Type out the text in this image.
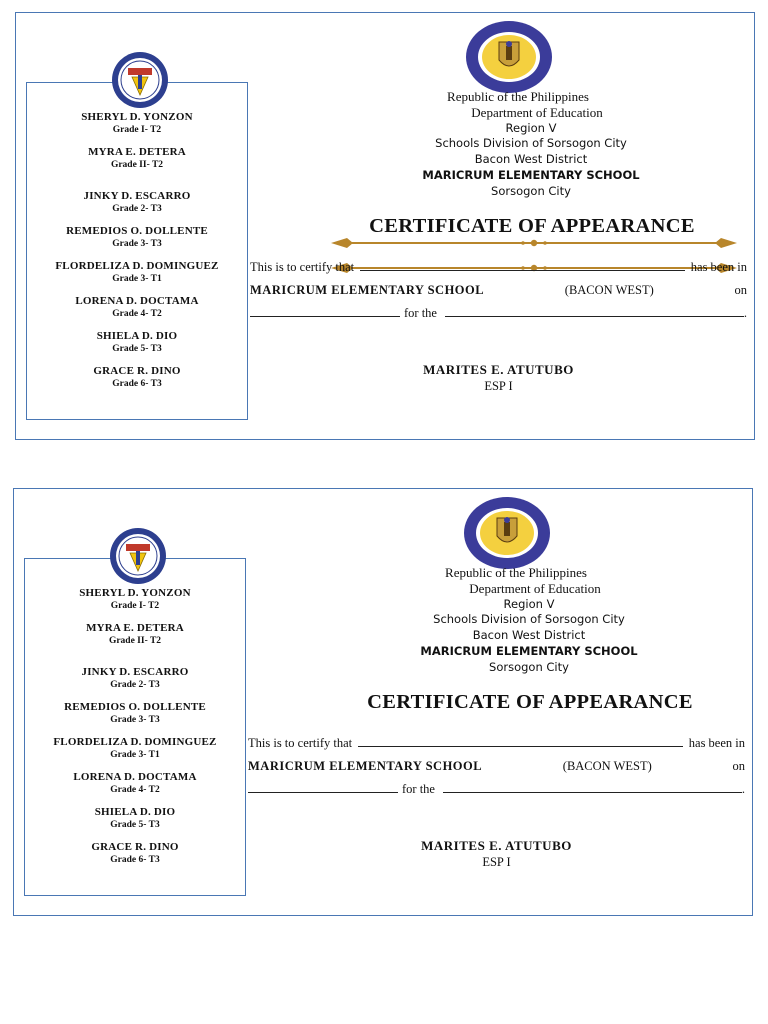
SHERYL D. YONZON
Grade I- T2
MYRA E. DETERA
Grade II- T2
JINKY D. ESCARRO
Grade 2- T3
REMEDIOS O. DOLLENTE
Grade 3- T3
FLORDELIZA D. DOMINGUEZ
Grade 3- T1
LORENA D. DOCTAMA
Grade 4- T2
SHIELA D. DIO
Grade 5- T3
GRACE R. DINO
Grade 6- T3
Republic of the Philippines
Department of Education
Region V
Schools Division of Sorsogon City
Bacon West District
MARICRUM ELEMENTARY SCHOOL
Sorsogon City
CERTIFICATE OF APPEARANCE
This is to certify that	has been in
MARICRUM ELEMENTARY SCHOOL	(BACON WEST)	on
for the	.
MARITES E. ATUTUBO
ESP I
SHERYL D. YONZON
Grade I- T2
MYRA E. DETERA
Grade II- T2
JINKY D. ESCARRO
Grade 2- T3
REMEDIOS O. DOLLENTE
Grade 3- T3
FLORDELIZA D. DOMINGUEZ
Grade 3- T1
LORENA D. DOCTAMA
Grade 4- T2
SHIELA D. DIO
Grade 5- T3
GRACE R. DINO
Grade 6- T3
Republic of the Philippines
Department of Education
Region V
Schools Division of Sorsogon City
Bacon West District
MARICRUM ELEMENTARY SCHOOL
Sorsogon City
CERTIFICATE OF APPEARANCE
This is to certify that	has been in
MARICRUM ELEMENTARY SCHOOL	(BACON WEST)	on
for the	.
MARITES E. ATUTUBO
ESP I
